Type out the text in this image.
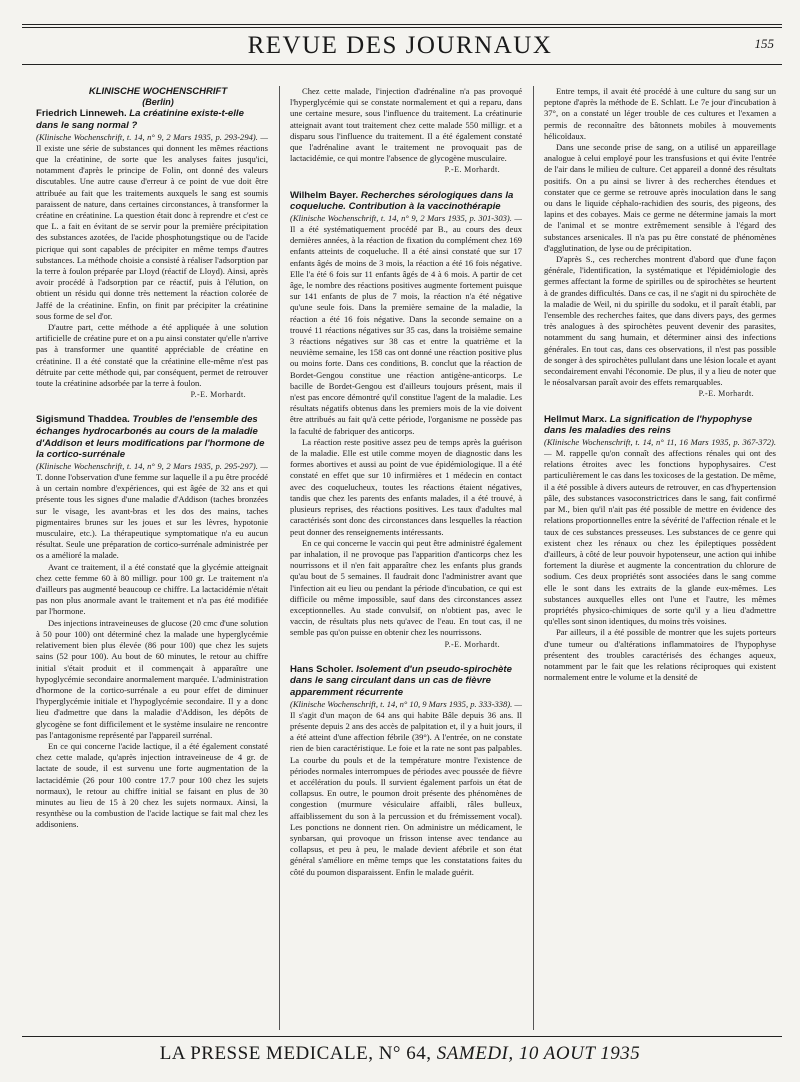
REVUE DES JOURNAUX	155

KLINISCHE WOCHENSCHRIFT

(Berlin)

Friedrich Linneweh. La créatinine existe-t-elle dans le sang normal ?

(Klinische Wochenschrift, t. 14, n° 9, 2 Mars 1935, p. 293-294). — Il existe une série de substances qui donnent les mêmes réactions que la créatinine, de sorte que les analyses faites jusqu'ici, notamment d'après le principe de Folin, ont donné des valeurs discutables. Une autre cause d'erreur à ce point de vue doit être attribuée au fait que les traitements auxquels le sang est soumis paraissent de nature, dans certaines circonstances, à transformer la créatine en créatinine. La question était donc à reprendre et c'est ce que L. a fait en évitant de se servir pour la première précipitation des substances azotées, de l'acide phosphotungstique ou de l'acide picrique qui sont capables de précipiter en même temps d'autres substances. La méthode choisie a consisté à réaliser l'adsorption par la terre à foulon préparée par Lloyd (réactif de Lloyd). Ainsi, après avoir procédé à l'adsorption par ce réactif, puis à l'élution, on obtient un résidu qui donne très nettement la réaction colorée de Jaffé de la créatinine. Enfin, on finit par précipiter la créatinine sous forme de sel d'or.

D'autre part, cette méthode a été appliquée à une solution artificielle de créatine pure et on a pu ainsi constater qu'elle n'arrive pas à transformer une quantité appréciable de créatine en créatinine. Il a été constaté que la créatinine elle-même n'est pas détruite par cette méthode qui, par conséquent, permet de retrouver toute la créatinine adsorbée par la terre à foulon.

P.-E. Morhardt.

Sigismund Thaddea. Troubles de l'ensemble des échanges hydrocarbonés au cours de la maladie d'Addison et leurs modifications par l'hormone de la cortico-surrénale

(Klinische Wochenschrift, t. 14, n° 9, 2 Mars 1935, p. 295-297). — T. donne l'observation d'une femme sur laquelle il a pu être procédé à un certain nombre d'expériences, qui est âgée de 32 ans et qui présente tous les signes d'une maladie d'Addison (taches bronzées sur le visage, les avant-bras et les dos des mains, taches pigmentaires brunes sur les joues et sur les lèvres, hypotonie musculaire, etc.). La thérapeutique symptomatique n'a eu aucun résultat. Seule une préparation de cortico-surrénale administrée per os a amélioré la malade.

Avant ce traitement, il a été constaté que la glycémie atteignait chez cette femme 60 à 80 milligr. pour 100 gr. Le traitement n'a d'ailleurs pas augmenté beaucoup ce chiffre. La lactacidémie n'était pas non plus anormale avant le traitement et n'a pas été modifiée par l'hormone.

Des injections intraveineuses de glucose (20 cmc d'une solution à 50 pour 100) ont déterminé chez la malade une hyperglycémie relativement bien plus élevée (86 pour 100) que chez les sujets sains (52 pour 100). Au bout de 60 minutes, le retour au chiffre initial s'était produit et il commençait à apparaître une hypoglycémie secondaire anormalement marquée. L'administration d'hormone de la cortico-surrénale a eu pour effet de diminuer l'hyperglycémie initiale et l'hypoglycémie secondaire. Il y a donc lieu d'admettre que dans la maladie d'Addison, les dépôts de glycogène se font difficilement et le système insulaire ne rencontre pas l'antagonisme représenté par l'appareil surrénal.

En ce qui concerne l'acide lactique, il a été également constaté chez cette malade, qu'après injection intraveineuse de 4 gr. de lactate de soude, il est survenu une forte augmentation de la lactacidémie (26 pour 100 contre 17.7 pour 100 chez les sujets normaux), le retour au chiffre initial se faisant en plus de 30 minutes au lieu de 15 à 20 chez les sujets normaux. Ainsi, la resynthèse ou la combustion de l'acide lactique se fait mal chez les addisoniens.

Chez cette malade, l'injection d'adrénaline n'a pas provoqué l'hyperglycémie qui se constate normalement et qui a reparu, dans une certaine mesure, sous l'influence du traitement. La créatinurie atteignait avant tout traitement chez cette malade 550 milligr. et a disparu sous l'influence du traitement. Il a été également constaté que l'adrénaline avant le traitement ne provoquait pas de lactacidémie, ce qui montre l'absence de glycogène musculaire.

P.-E. Morhardt.

Wilhelm Bayer. Recherches sérologiques dans la coqueluche. Contribution à la vaccinothérapie

(Klinische Wochenschrift, t. 14, n° 9, 2 Mars 1935, p. 301-303). — Il a été systématiquement procédé par B., au cours des deux dernières années, à la réaction de fixation du complément chez 169 enfants atteints de coqueluche. Il a été ainsi constaté que sur 17 enfants âgés de moins de 3 mois, la réaction a été 16 fois négative. Elle l'a été 6 fois sur 11 enfants âgés de 4 à 6 mois. A partir de cet âge, le nombre des réactions positives augmente fortement puisque sur 141 enfants de plus de 7 mois, la réaction n'a été négative qu'une seule fois. Dans la première semaine de la maladie, la réaction a été 16 fois négative. Dans la seconde semaine on a trouvé 11 réactions négatives sur 35 cas, dans la troisième semaine 3 réactions négatives sur 38 cas et entre la quatrième et la neuvième semaine, les 158 cas ont donné une réaction positive plus ou moins forte. Dans ces conditions, B. conclut que la réaction de Bordet-Gengou constitue une réaction antigène-anticorps. Le bacille de Bordet-Gengou est d'ailleurs toujours présent, mais il n'est pas encore démontré qu'il constitue l'agent de la maladie. Les résultats négatifs obtenus dans les premiers mois de la vie doivent être attribués au fait qu'à cette période, l'organisme ne possède pas la faculté de fabriquer des anticorps.

La réaction reste positive assez peu de temps après la guérison de la maladie. Elle est utile comme moyen de diagnostic dans les formes abortives et aussi au point de vue épidémiologique. Il a été constaté en effet que sur 10 infirmières et 1 médecin en contact avec des coquelucheux, toutes les réactions étaient négatives, tandis que chez les parents des enfants malades, il a été trouvé, à plusieurs reprises, des réactions positives. Les taux d'adultes mal caractérisés sont donc des circonstances dans lesquelles la réaction peut donner des renseignements intéressants.

En ce qui concerne le vaccin qui peut être administré également par inhalation, il ne provoque pas l'apparition d'anticorps chez les nourrissons et il n'en fait apparaître chez les enfants plus grands qu'au bout de 5 semaines. Il faudrait donc l'administrer avant que l'infection ait eu lieu ou pendant la période d'incubation, ce qui est difficile ou même impossible, sauf dans des circonstances assez exceptionnelles. Au stade convulsif, on n'obtient pas, avec le vaccin, de résultats plus nets qu'avec de l'eau. En tout cas, il ne semble pas qu'on puisse en obtenir chez les nourrissons.

P.-E. Morhardt.

Hans Scholer. Isolement d'un pseudo-spirochète dans le sang circulant dans un cas de fièvre apparemment récurrente

(Klinische Wochenschrift, t. 14, n° 10, 9 Mars 1935, p. 333-338). — Il s'agit d'un maçon de 64 ans qui habite Bâle depuis 36 ans. Il présente depuis 2 ans des accès de palpitation et, il y a huit jours, il a été atteint d'une affection fébrile (39°). A l'entrée, on ne constate rien de bien caractéristique. Le foie et la rate ne sont pas palpables. La courbe du pouls et de la température montre l'existence de périodes normales interrompues de périodes avec poussée de fièvre et accélération du pouls. Il survient également parfois un état de collapsus. En outre, le poumon droit présente des phénomènes de congestion (murmure vésiculaire affaibli, râles bulleux, affaiblissement du son à la percussion et du frémissement vocal). Les ponctions ne donnent rien. On administre un médicament, le synbarsan, qui provoque un frisson intense avec tendance au collapsus, et peu à peu, le malade devient afébrile et son état général s'améliore en même temps que les constatations faites du côté du poumon disparaissent. Enfin le malade guérit.

Entre temps, il avait été procédé à une culture du sang sur un peptone d'après la méthode de E. Schlatt. Le 7e jour d'incubation à 37°, on a constaté un léger trouble de ces cultures et l'examen a permis de reconnaître des bâtonnets mobiles à mouvements hélicoïdaux.

Dans une seconde prise de sang, on a utilisé un appareillage analogue à celui employé pour les transfusions et qui évite l'entrée de l'air dans le milieu de culture. Cet appareil a donné des résultats positifs. On a pu ainsi se livrer à des recherches étendues et constater que ce germe se retrouve après inoculation dans le sang ou dans le liquide céphalo-rachidien des souris, des pigeons, des lapins et des cobayes. Mais ce germe ne détermine jamais la mort de l'animal et se montre extrêmement sensible à l'égard des substances arsenicales. Il n'a pas pu être constaté de phénomènes d'agglutination, de lyse ou de précipitation.

D'après S., ces recherches montrent d'abord que d'une façon générale, l'identification, la systématique et l'épidémiologie des germes affectant la forme de spirilles ou de spirochètes se heurtent à de grandes difficultés. Dans ce cas, il ne s'agit ni du spirochète de la maladie de Weil, ni du spirille du sodoku, et il paraît établi, par l'ensemble des recherches faites, que dans divers pays, des germes très analogues à des spirochètes peuvent devenir des parasites, notamment du sang humain, et déterminer ainsi des infections générales. En tout cas, dans ces observations, il n'est pas possible de songer à des spirochètes pullulant dans une lésion locale et ayant secondairement envahi l'économie. De plus, il y a lieu de noter que le néosalvarsan paraît avoir des effets remarquables.

P.-E. Morhardt.

Hellmut Marx. La signification de l'hypophyse dans les maladies des reins

(Klinische Wochenschrift, t. 14, n° 11, 16 Mars 1935, p. 367-372). — M. rappelle qu'on connaît des affections rénales qui ont des relations étroites avec les fonctions hypophysaires. C'est particulièrement le cas dans les toxicoses de la gestation. De même, il a été possible à divers auteurs de retrouver, en cas d'hypertension pâle, des substances vasoconstrictrices dans le sang, fait confirmé par M., bien qu'il n'ait pas été possible de mettre en évidence des relations proportionnelles entre la sévérité de l'affection rénale et le taux de ces substances presseuses. Les substances de ce genre qui existent chez les rénaux ou chez les épileptiques possèdent d'ailleurs, à côté de leur pouvoir hypotenseur, une action qui inhibe fortement la diurèse et augmente la concentration du chlorure de sodium. Ces deux propriétés sont associées dans le sang comme elle le sont dans les extraits de la glande eux-mêmes. Les substances auxquelles elles ont l'une et l'autre, les mêmes propriétés physico-chimiques de sorte qu'il y a lieu d'admettre qu'elles sont sinon identiques, du moins très voisines.

Par ailleurs, il a été possible de montrer que les sujets porteurs d'une tumeur ou d'altérations inflammatoires de l'hypophyse présentent des troubles caractérisés des échanges aqueux, notamment par le fait que les relations réciproques qui existent normalement entre le volume et la densité de

LA PRESSE MEDICALE, N° 64, SAMEDI, 10 AOUT 1935
